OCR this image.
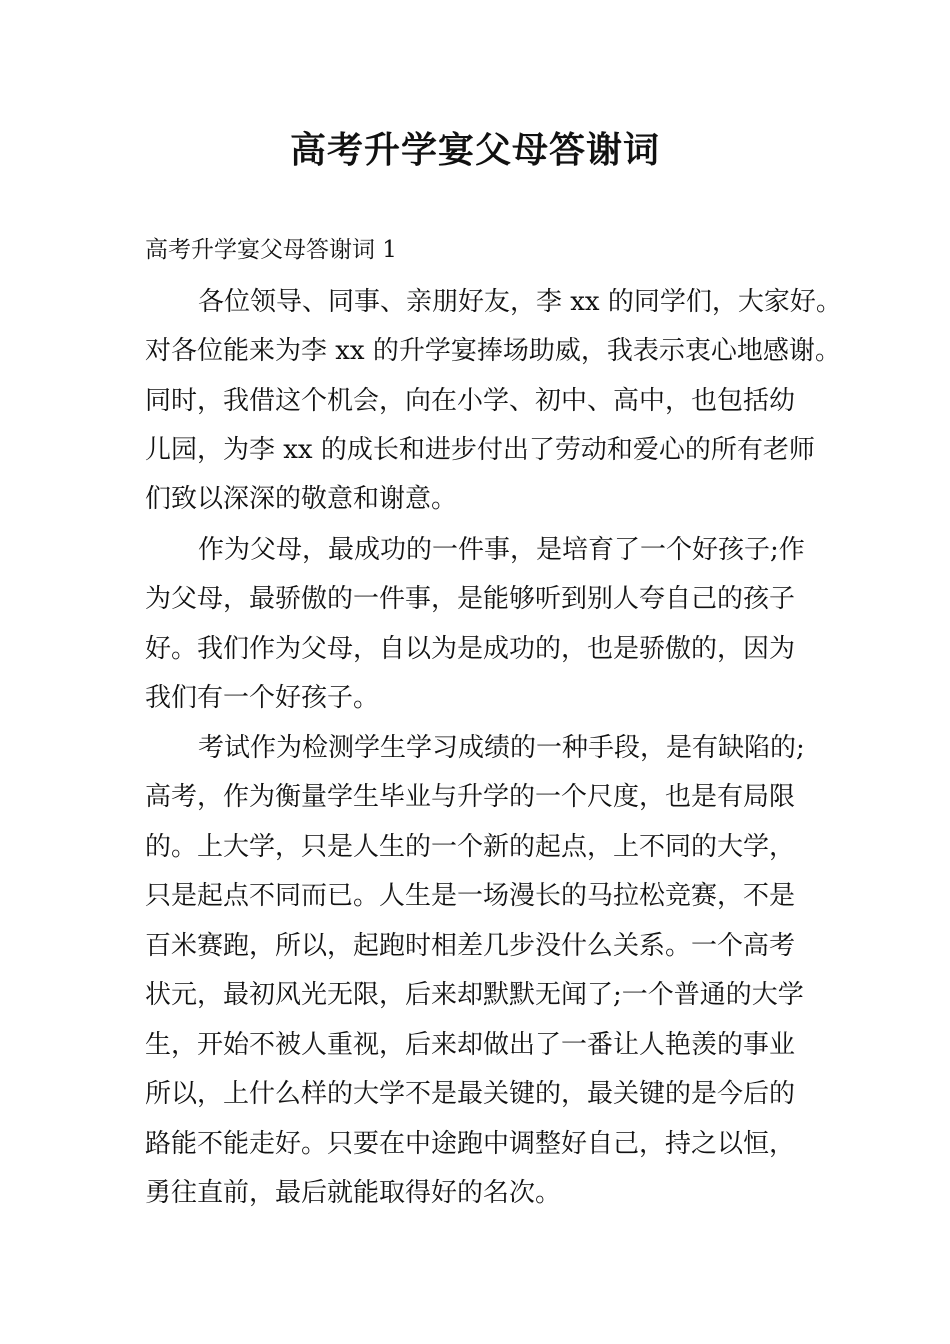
高考升学宴父母答谢词

高考升学宴父母答谢词 1

各位领导、同事、亲朋好友，李 xx 的同学们，大家好。

对各位能来为李 xx 的升学宴捧场助威，我表示衷心地感谢。

同时，我借这个机会，向在小学、初中、高中，也包括幼

儿园，为李 xx 的成长和进步付出了劳动和爱心的所有老师

们致以深深的敬意和谢意。

作为父母，最成功的一件事，是培育了一个好孩子;作

为父母，最骄傲的一件事，是能够听到别人夸自己的孩子

好。我们作为父母，自以为是成功的，也是骄傲的，因为

我们有一个好孩子。

考试作为检测学生学习成绩的一种手段，是有缺陷的;

高考，作为衡量学生毕业与升学的一个尺度，也是有局限

的。上大学，只是人生的一个新的起点，上不同的大学，

只是起点不同而已。人生是一场漫长的马拉松竞赛，不是

百米赛跑，所以，起跑时相差几步没什么关系。一个高考

状元，最初风光无限，后来却默默无闻了;一个普通的大学

生，开始不被人重视，后来却做出了一番让人艳羡的事业

所以，上什么样的大学不是最关键的，最关键的是今后的

路能不能走好。只要在中途跑中调整好自己，持之以恒，

勇往直前，最后就能取得好的名次。
